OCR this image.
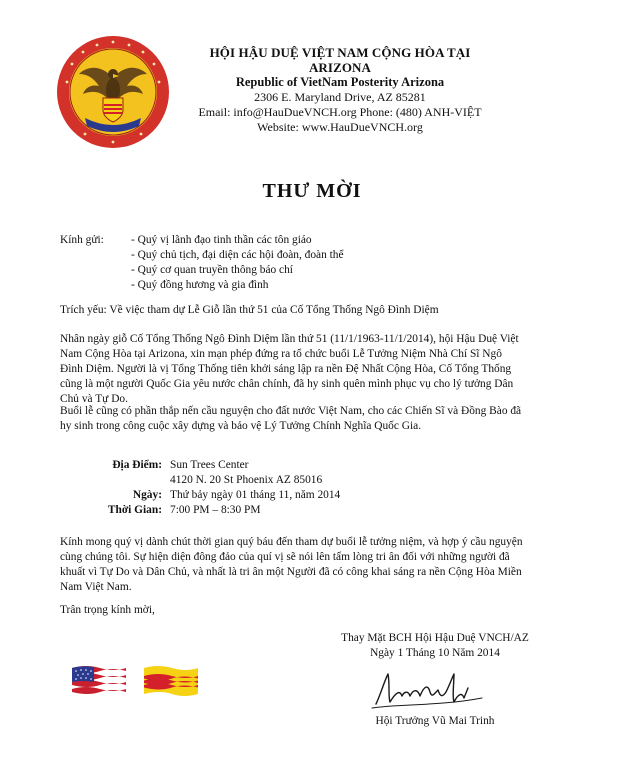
HỘI HẬU DUỆ VIỆT NAM CỘNG HÒA TẠI ARIZONA
Republic of VietNam Posterity Arizona
2306 E. Maryland Drive, AZ 85281
Email: info@HauDueVNCH.org Phone: (480) ANH-VIỆT
Website: www.HauDueVNCH.org
THƯ MỜI
Kính gửi: - Quý vị lãnh đạo tinh thần các tôn giáo
- Quý chủ tịch, đại diện các hội đoàn, đoàn thể
- Quý cơ quan truyền thông báo chí
- Quý đồng hương và gia đình
Trích yếu: Về việc tham dự Lễ Giỗ lần thứ 51 của Cố Tổng Thống Ngô Đình Diệm
Nhân ngày giỗ Cố Tổng Thống Ngô Đình Diệm lần thứ 51 (11/1/1963-11/1/2014), hội Hậu Duệ Việt
Nam Cộng Hòa tại Arizona, xin mạn phép đứng ra tổ chức buổi Lễ Tưởng Niệm Nhà Chí Sĩ Ngô
Đình Diệm. Người là vị Tổng Thống tiên khởi sáng lập ra nền Đệ Nhất Cộng Hòa, Cố Tổng Thống
cũng là một người Quốc Gia yêu nước chân chính, đã hy sinh quên mình phục vụ cho lý tưởng Dân
Chủ và Tự Do.
Buổi lễ cũng có phần thắp nến cầu nguyện cho đất nước Việt Nam, cho các Chiến Sĩ và Đồng Bào đã
hy sinh trong công cuộc xây dựng và bảo vệ Lý Tưởng Chính Nghĩa Quốc Gia.
Địa Điểm: Sun Trees Center
4120 N. 20 St Phoenix AZ 85016
Ngày: Thứ bảy ngày 01 tháng 11, năm 2014
Thời Gian: 7:00 PM – 8:30 PM
Kính mong quý vị dành chút thời gian quý báu đến tham dự buổi lễ tưởng niệm, và hợp ý cầu nguyện
cùng chúng tôi. Sự hiện diện đông đảo của quí vị sẽ nói lên tấm lòng tri ân đối với những người đã
khuất vì Tự Do và Dân Chủ, và nhất là tri ân một Người đã có công khai sáng ra nền Cộng Hòa Miền
Nam Việt Nam.
Trân trọng kính mời,
Thay Mặt BCH Hội Hậu Duệ VNCH/AZ
Ngày 1 Tháng 10 Năm 2014
Hội Trưởng Vũ Mai Trinh
